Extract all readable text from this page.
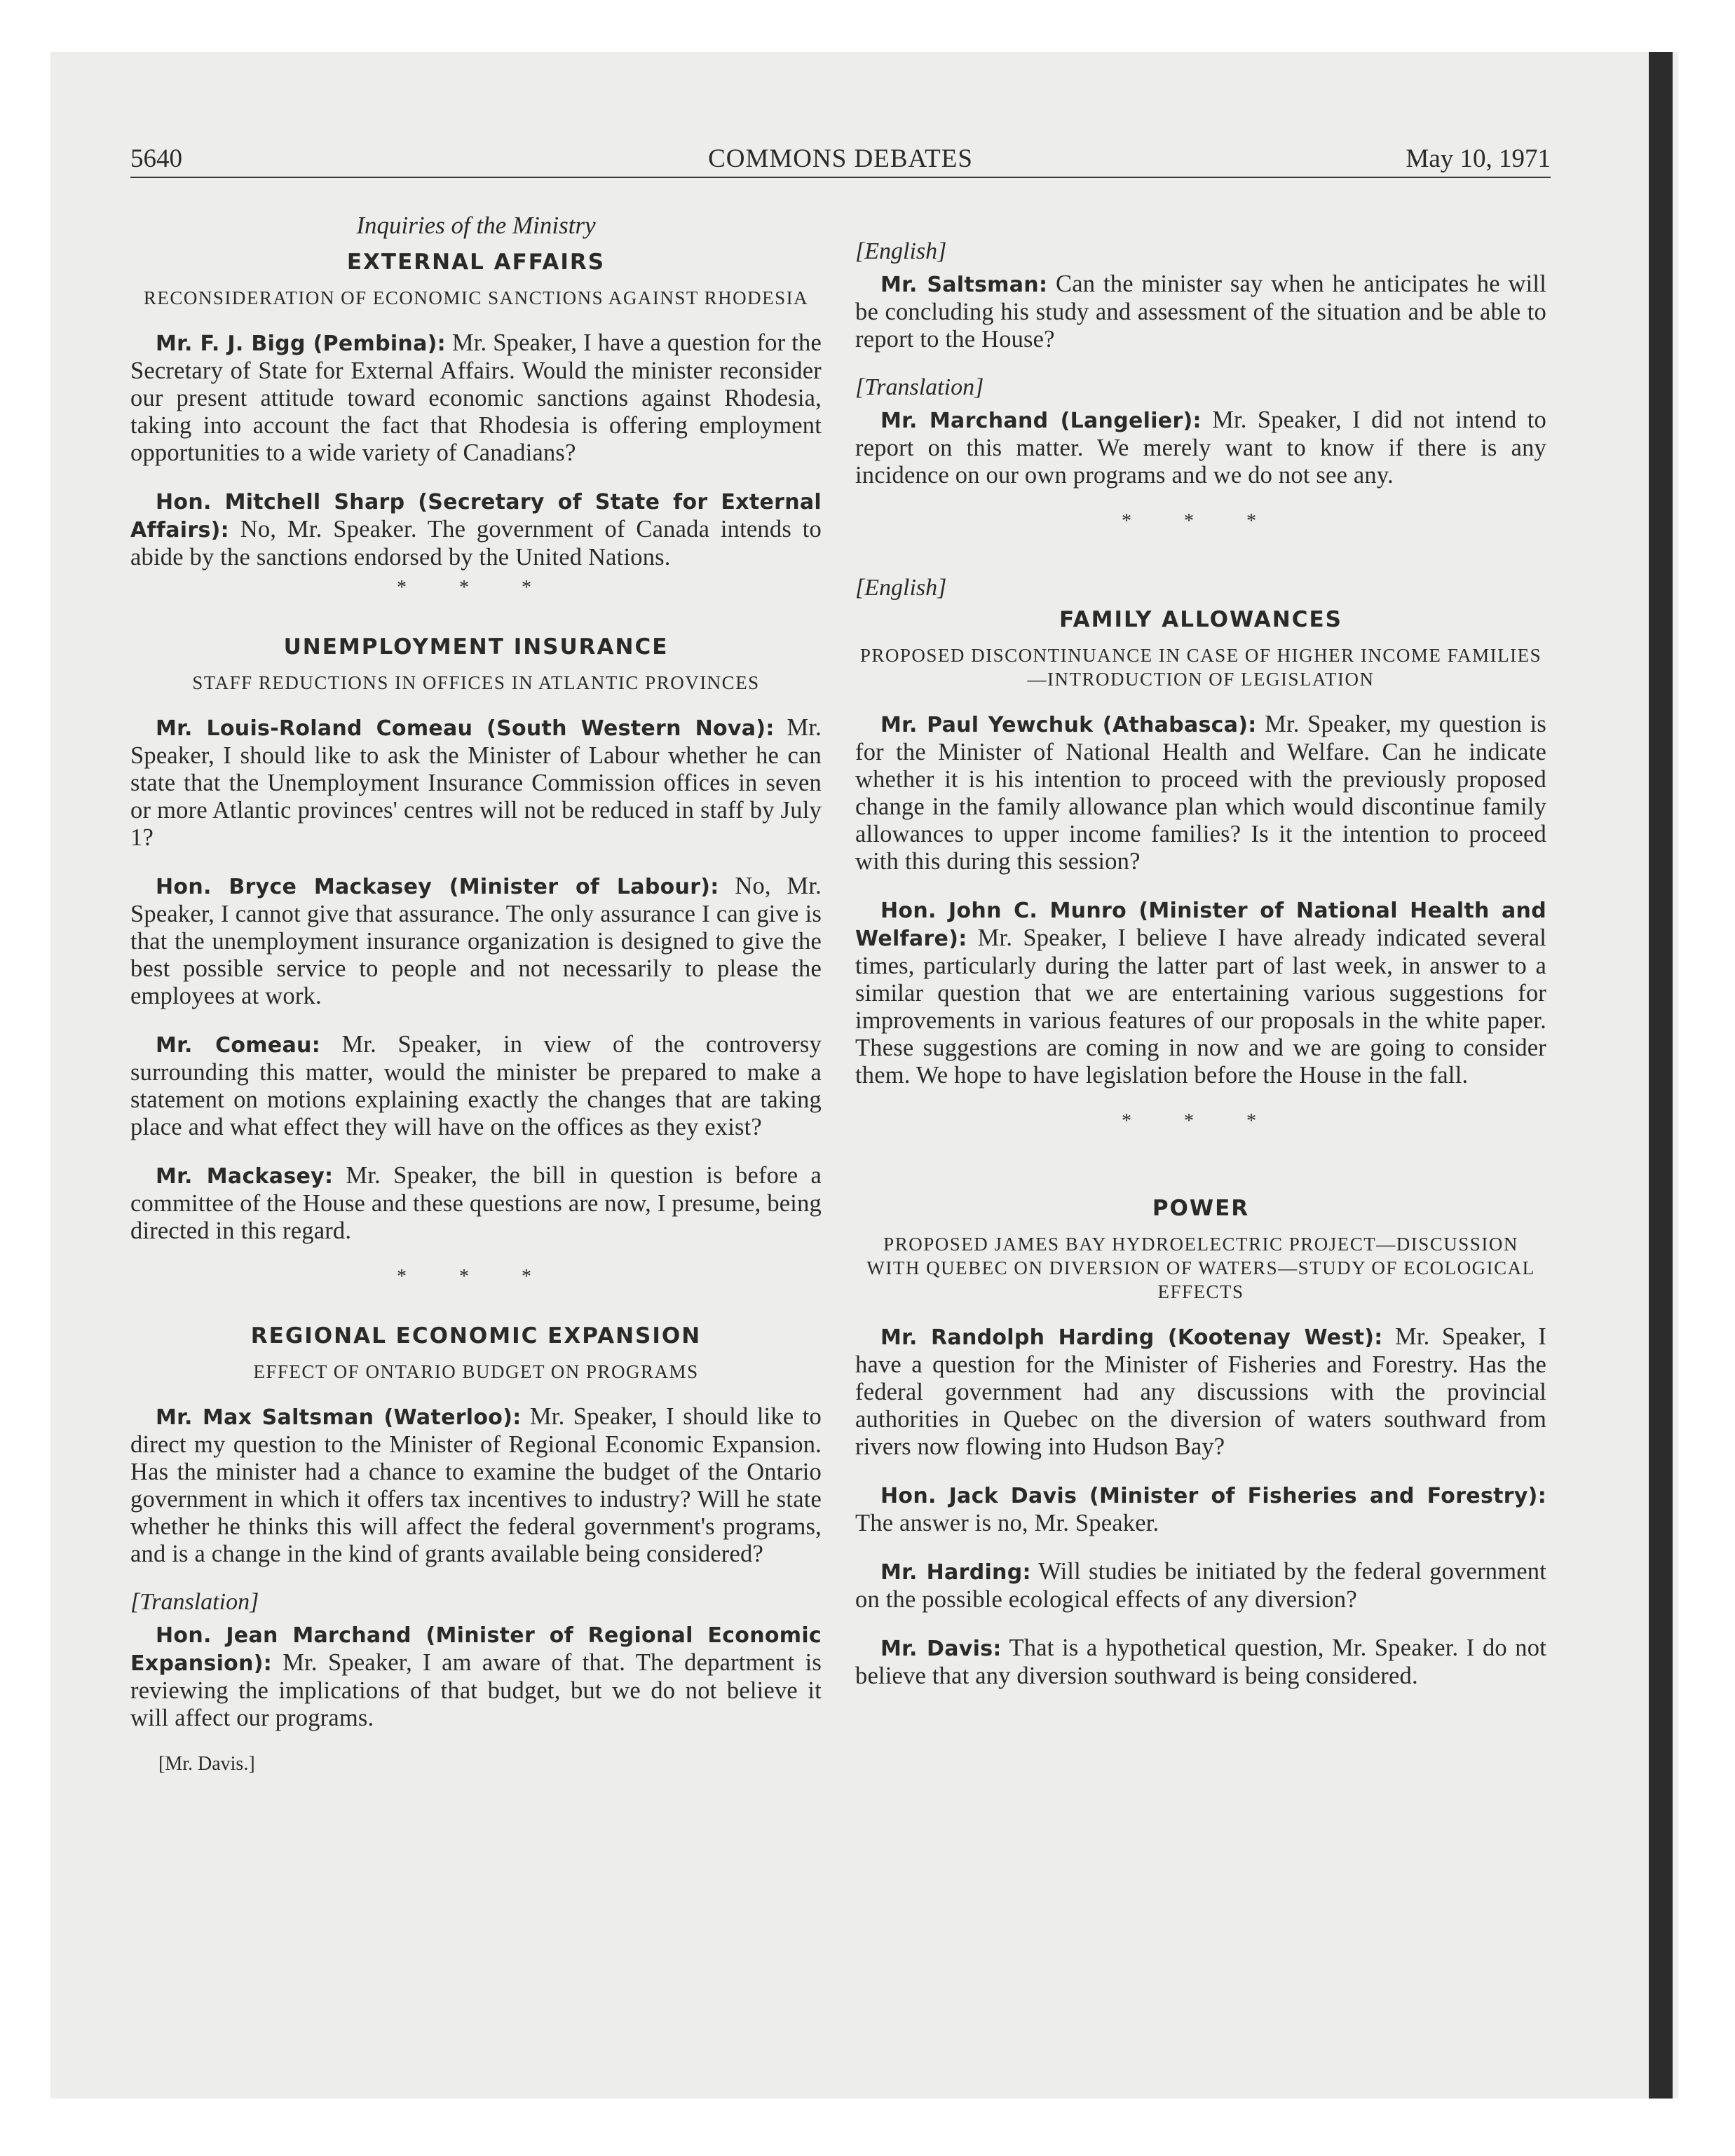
5640	COMMONS DEBATES	May 10, 1971
Inquiries of the Ministry
EXTERNAL AFFAIRS
RECONSIDERATION OF ECONOMIC SANCTIONS AGAINST RHODESIA

Mr. F. J. Bigg (Pembina): Mr. Speaker, I have a question for the Secretary of State for External Affairs. Would the minister reconsider our present attitude toward economic sanctions against Rhodesia, taking into account the fact that Rhodesia is offering employment opportunities to a wide variety of Canadians?

Hon. Mitchell Sharp (Secretary of State for External Affairs): No, Mr. Speaker. The government of Canada intends to abide by the sanctions endorsed by the United Nations.

* * *
UNEMPLOYMENT INSURANCE
STAFF REDUCTIONS IN OFFICES IN ATLANTIC PROVINCES

Mr. Louis-Roland Comeau (South Western Nova): Mr. Speaker, I should like to ask the Minister of Labour whether he can state that the Unemployment Insurance Commission offices in seven or more Atlantic provinces' centres will not be reduced in staff by July 1?

Hon. Bryce Mackasey (Minister of Labour): No, Mr. Speaker, I cannot give that assurance. The only assurance I can give is that the unemployment insurance organization is designed to give the best possible service to people and not necessarily to please the employees at work.

Mr. Comeau: Mr. Speaker, in view of the controversy surrounding this matter, would the minister be prepared to make a statement on motions explaining exactly the changes that are taking place and what effect they will have on the offices as they exist?

Mr. Mackasey: Mr. Speaker, the bill in question is before a committee of the House and these questions are now, I presume, being directed in this regard.

* * *
REGIONAL ECONOMIC EXPANSION
EFFECT OF ONTARIO BUDGET ON PROGRAMS

Mr. Max Saltsman (Waterloo): Mr. Speaker, I should like to direct my question to the Minister of Regional Economic Expansion. Has the minister had a chance to examine the budget of the Ontario government in which it offers tax incentives to industry? Will he state whether he thinks this will affect the federal government's programs, and is a change in the kind of grants available being considered?

[Translation]

Hon. Jean Marchand (Minister of Regional Economic Expansion): Mr. Speaker, I am aware of that. The department is reviewing the implications of that budget, but we do not believe it will affect our programs.

[Mr. Davis.]
[English]

Mr. Saltsman: Can the minister say when he anticipates he will be concluding his study and assessment of the situation and be able to report to the House?

[Translation]

Mr. Marchand (Langelier): Mr. Speaker, I did not intend to report on this matter. We merely want to know if there is any incidence on our own programs and we do not see any.

* * *
[English]
FAMILY ALLOWANCES
PROPOSED DISCONTINUANCE IN CASE OF HIGHER INCOME FAMILIES—INTRODUCTION OF LEGISLATION

Mr. Paul Yewchuk (Athabasca): Mr. Speaker, my question is for the Minister of National Health and Welfare. Can he indicate whether it is his intention to proceed with the previously proposed change in the family allowance plan which would discontinue family allowances to upper income families? Is it the intention to proceed with this during this session?

Hon. John C. Munro (Minister of National Health and Welfare): Mr. Speaker, I believe I have already indicated several times, particularly during the latter part of last week, in answer to a similar question that we are entertaining various suggestions for improvements in various features of our proposals in the white paper. These suggestions are coming in now and we are going to consider them. We hope to have legislation before the House in the fall.

* * *
POWER
PROPOSED JAMES BAY HYDROELECTRIC PROJECT—DISCUSSION WITH QUEBEC ON DIVERSION OF WATERS—STUDY OF ECOLOGICAL EFFECTS

Mr. Randolph Harding (Kootenay West): Mr. Speaker, I have a question for the Minister of Fisheries and Forestry. Has the federal government had any discussions with the provincial authorities in Quebec on the diversion of waters southward from rivers now flowing into Hudson Bay?

Hon. Jack Davis (Minister of Fisheries and Forestry): The answer is no, Mr. Speaker.

Mr. Harding: Will studies be initiated by the federal government on the possible ecological effects of any diversion?

Mr. Davis: That is a hypothetical question, Mr. Speaker. I do not believe that any diversion southward is being considered.
